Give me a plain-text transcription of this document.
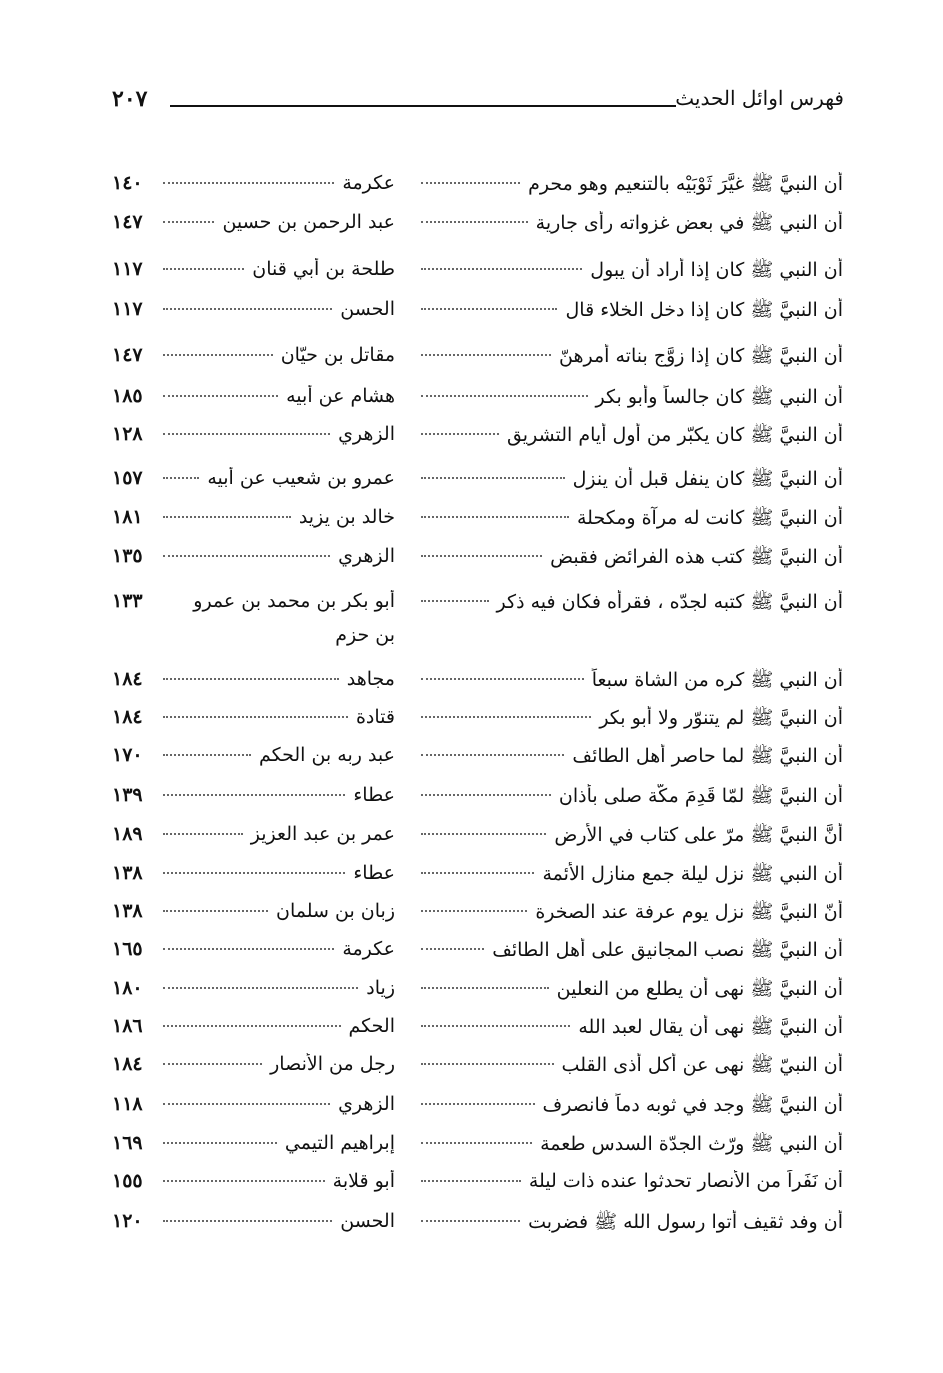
فهرس اوائل الحديث
٢٠٧
أن النبيَّ ﷺ غيَّرَ ثَوْبَيْه بالتنعيم وهو محرم
عكرمة
١٤٠
أن النبي ﷺ في بعض غزواته رأى جارية
عبد الرحمن بن حسين
١٤٧
أن النبي ﷺ كان إذا أراد أن يبول
طلحة بن أبي قنان
١١٧
أن النبيَّ ﷺ كان إذا دخل الخلاء قال
الحسن
١١٧
أن النبيَّ ﷺ كان إذا زوَّج بناته أمرهنّ
مقاتل بن حيّان
١٤٧
أن النبي ﷺ كان جالساً وأبو بكر
هشام عن أبيه
١٨٥
أن النبيَّ ﷺ كان يكبّر من أول أيام التشريق
الزهري
١٢٨
أن النبيَّ ﷺ كان ينفل قبل أن ينزل
عمرو بن شعيب عن أبيه
١٥٧
أن النبيَّ ﷺ كانت له مرآة ومكحلة
خالد بن يزيد
١٨١
أن النبيَّ ﷺ كتب هذه الفرائض فقبض
الزهري
١٣٥
أن النبيَّ ﷺ كتبه لجدّه ، فقرأه فكان فيه ذكر
أبو بكر بن محمد بن عمرو
١٣٣
بن حزم
أن النبي ﷺ كره من الشاة سبعاً
مجاهد
١٨٤
أن النبيَّ ﷺ لم يتنوّر ولا أبو بكر
قتادة
١٨٤
أن النبيَّ ﷺ لما حاصر أهل الطائف
عبد ربه بن الحكم
١٧٠
أن النبيَّ ﷺ لمّا قَدِمَ مكّة صلى بأذان
عطاء
١٣٩
أنَّ النبيَّ ﷺ مرّ على كتاب في الأرض
عمر بن عبد العزيز
١٨٩
أن النبي ﷺ نزل ليلة جمع منازل الأئمة
عطاء
١٣٨
أنّ النبيَّ ﷺ نزل يوم عرفة عند الصخرة
زبان بن سلمان
١٣٨
أن النبيَّ ﷺ نصب المجانيق على أهل الطائف
عكرمة
١٦٥
أن النبيَّ ﷺ نهى أن يطلع من النعلين
زياد
١٨٠
أن النبيَّ ﷺ نهى أن يقال لعبد الله
الحكم
١٨٦
أن النبيّ ﷺ نهى عن أكل أذى القلب
رجل من الأنصار
١٨٤
أن النبيَّ ﷺ وجد في ثوبه دماً فانصرف
الزهري
١١٨
أن النبي ﷺ ورّث الجدّة السدس طعمة
إبراهيم التيمي
١٦٩
أن نَفَراً من الأنصار تحدثوا عنده ذات ليلة
أبو قلابة
١٥٥
أن وفد ثقيف أتوا رسول الله ﷺ فضربت
الحسن
١٢٠
